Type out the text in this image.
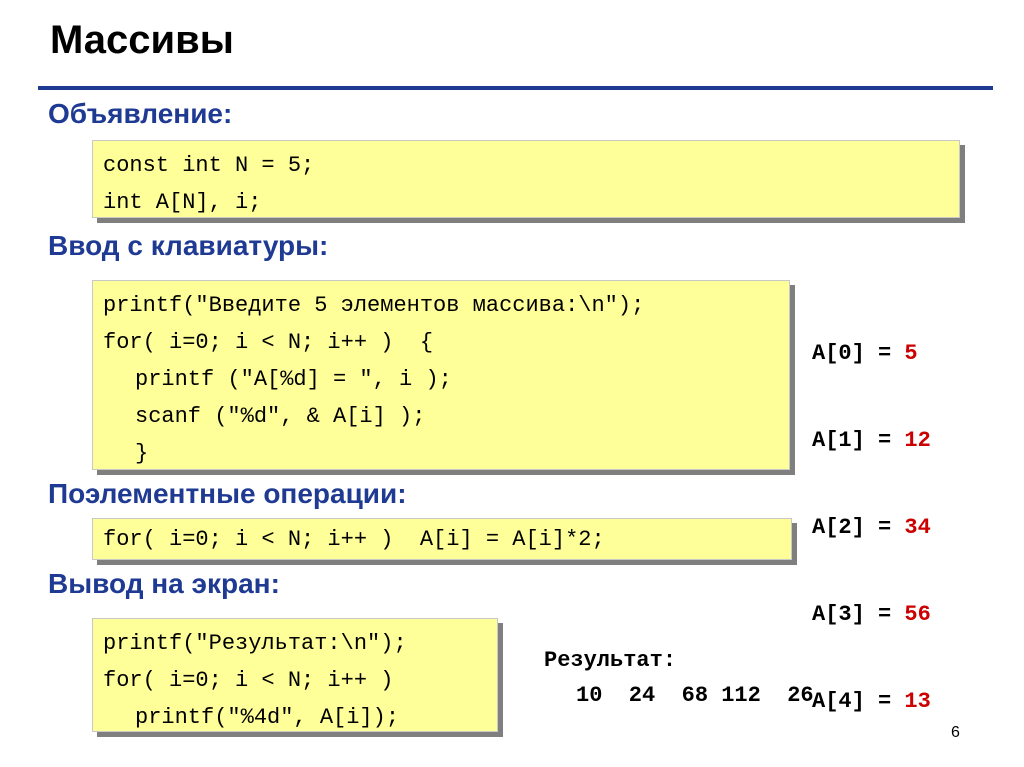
Массивы
Объявление:
const int N = 5;
int A[N], i;
Ввод с клавиатуры:
printf("Введите 5 элементов массива:\n");
for( i=0; i < N; i++ )  {
printf ("A[%d] = ", i );
scanf ("%d", & A[i] );
}

A[0] = 5

A[1] = 12

A[2] = 34

A[3] = 56

A[4] = 13

Поэлементные операции:
for( i=0; i < N; i++ )  A[i] = A[i]*2;
Вывод на экран:
printf("Результат:\n");
for( i=0; i < N; i++ )
printf("%4d", A[i]);
Результат:
10  24  68 112  26
6
